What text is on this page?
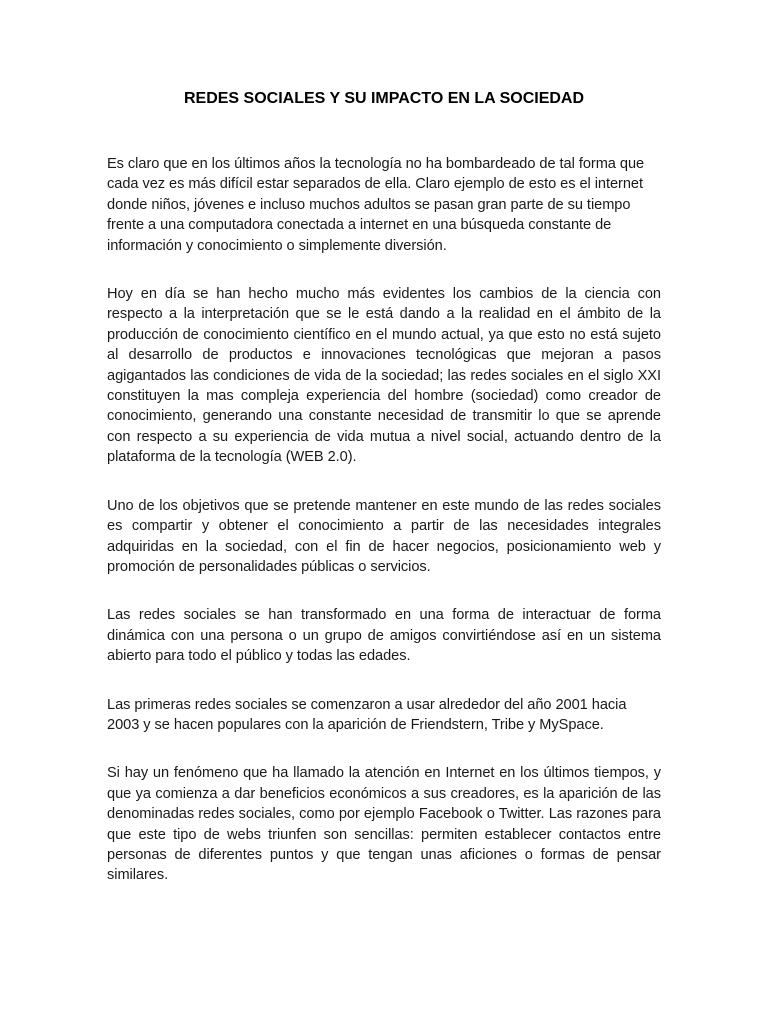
REDES SOCIALES Y SU IMPACTO EN LA SOCIEDAD

Es claro que en los últimos años la tecnología no ha bombardeado de tal forma que cada vez es más difícil estar separados de ella. Claro ejemplo de esto es el internet donde niños, jóvenes e incluso muchos adultos se pasan gran parte de su tiempo frente a una computadora conectada a internet en una búsqueda constante de información y conocimiento o simplemente diversión.

Hoy en día se han hecho mucho más evidentes los cambios de la ciencia con respecto a la interpretación que se le está dando a la realidad en el ámbito de la producción de conocimiento científico en el mundo actual, ya que esto no está sujeto al desarrollo de productos e innovaciones tecnológicas que mejoran a pasos agigantados las condiciones de vida de la sociedad; las redes sociales en el siglo XXI constituyen la mas compleja experiencia del hombre (sociedad) como creador de conocimiento, generando una constante necesidad de transmitir lo que se aprende con respecto a su experiencia de vida mutua a nivel social, actuando dentro de la plataforma de la tecnología (WEB 2.0).

Uno de los objetivos que se pretende mantener en este mundo de las redes sociales es compartir y obtener el conocimiento a partir de las necesidades integrales adquiridas en la sociedad, con el fin de hacer negocios, posicionamiento web y promoción de personalidades públicas o servicios.

Las redes sociales se han transformado en una forma de interactuar de forma dinámica con una persona o un grupo de amigos convirtiéndose así en un sistema abierto para todo el público y todas las edades.

Las primeras redes sociales se comenzaron a usar alrededor del año 2001 hacia 2003 y se hacen populares con la aparición de Friendstern, Tribe y MySpace.

Si hay un fenómeno que ha llamado la atención en Internet en los últimos tiempos, y que ya comienza a dar beneficios económicos a sus creadores, es la aparición de las denominadas redes sociales, como por ejemplo Facebook o Twitter. Las razones para que este tipo de webs triunfen son sencillas: permiten establecer contactos entre personas de diferentes puntos y que tengan unas aficiones o formas de pensar similares.
